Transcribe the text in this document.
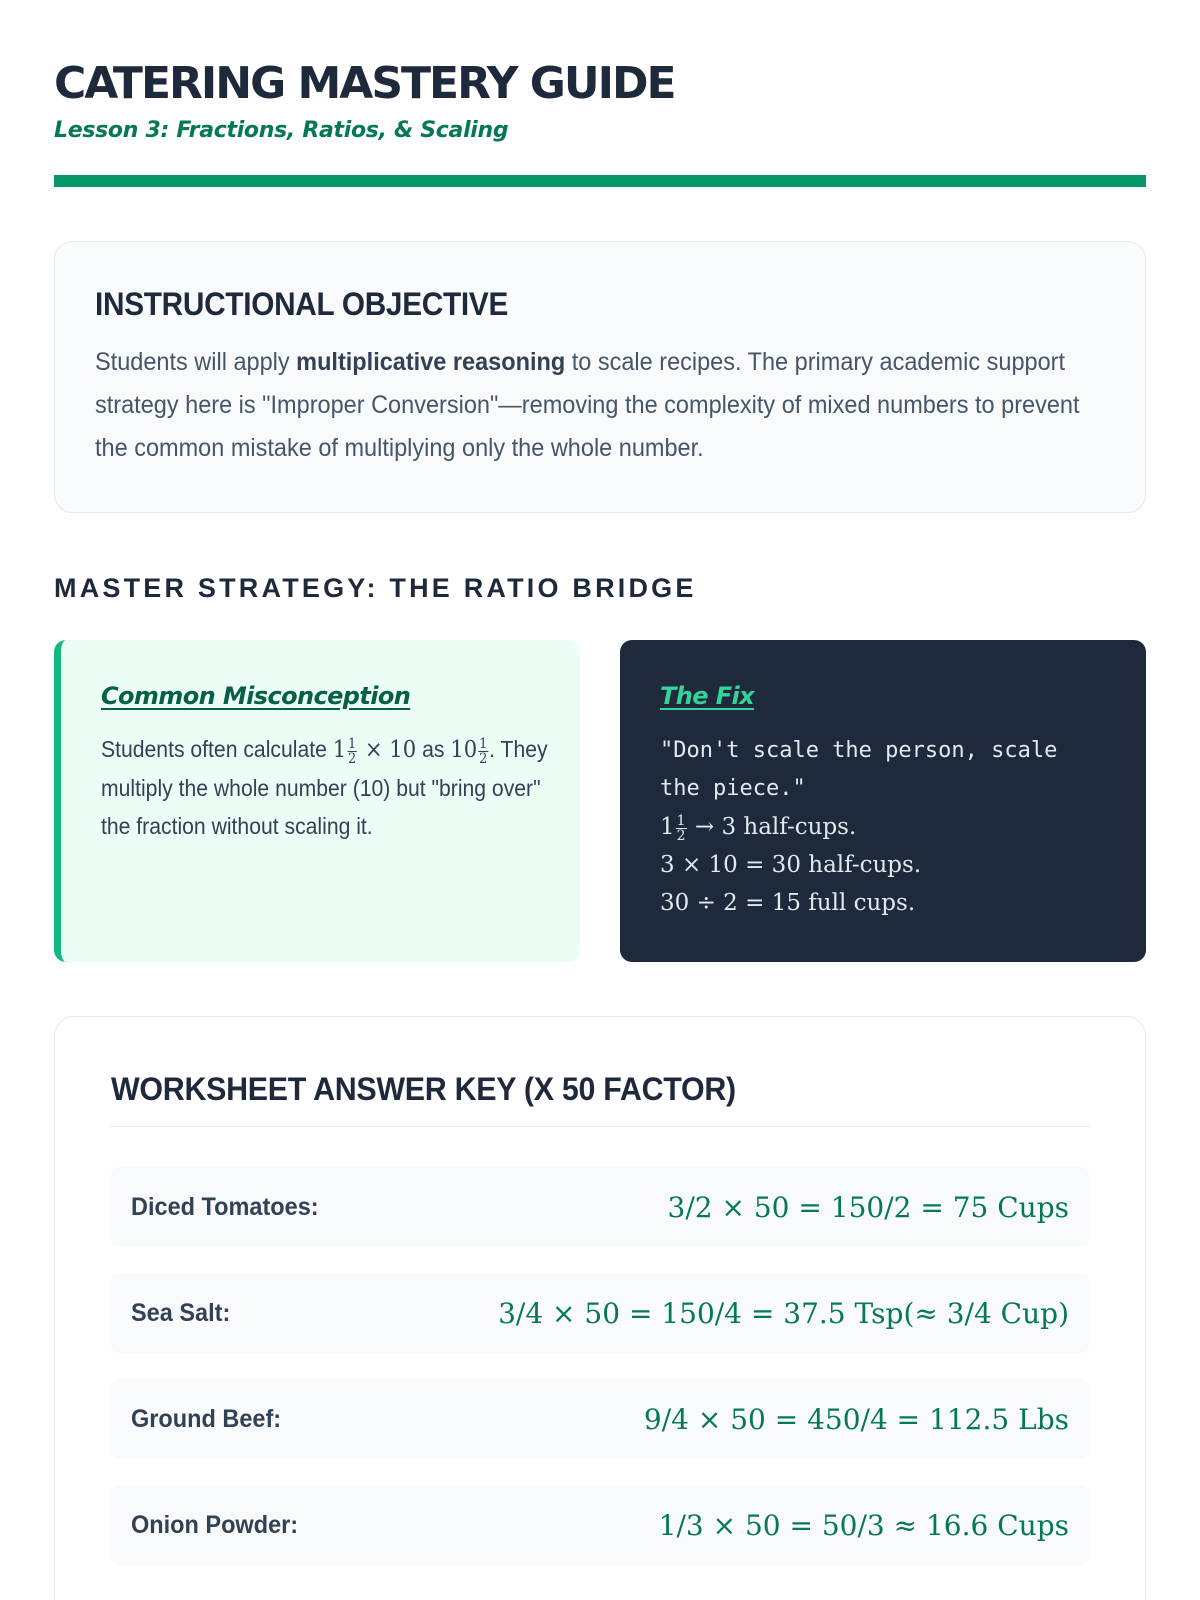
CATERING MASTERY GUIDE
Lesson 3: Fractions, Ratios, & Scaling
INSTRUCTIONAL OBJECTIVE

Students will apply multiplicative reasoning to scale recipes. The primary academic support strategy here is "Improper Conversion"—removing the complexity of mixed numbers to prevent the common mistake of multiplying only the whole number.

MASTER STRATEGY: THE RATIO BRIDGE
Common Misconception
Students often calculate $1 \frac{1}{2} \times 10$ as $10 \frac{1}{2}$ . They multiply the whole number (10) but "bring over" the fraction without scaling it.
The Fix
"Don't scale the person, scale the piece."
$1 \frac{1}{2} \to 3$ half-cups.
3 × 10 = 30 half-cups.
30 ÷ 2 = 15 full cups.
WORKSHEET ANSWER KEY (X 50 FACTOR)
Diced Tomatoes:	3/2 × 50 = 150/2 = 75 Cups
Sea Salt:	3/4 × 50 = 150/4 = 37.5 Tsp(≈ 3/4 Cup)
Ground Beef:	9/4 × 50 = 450/4 = 112.5 Lbs
Onion Powder:	1/3 × 50 = 50/3 ≈ 16.6 Cups
